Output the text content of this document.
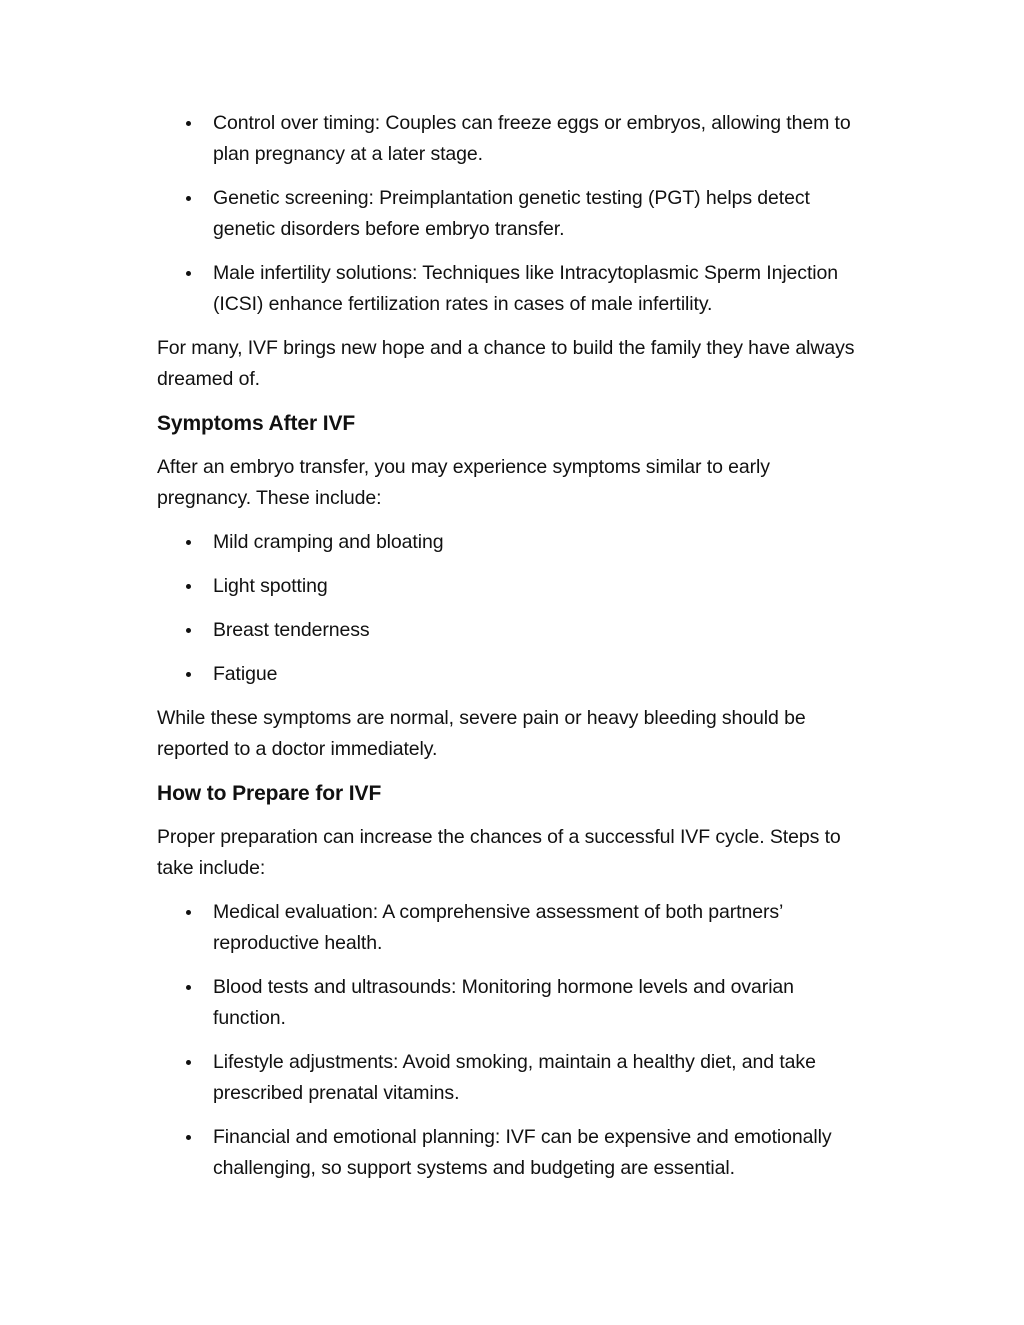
Control over timing: Couples can freeze eggs or embryos, allowing them to plan pregnancy at a later stage.
Genetic screening: Preimplantation genetic testing (PGT) helps detect genetic disorders before embryo transfer.
Male infertility solutions: Techniques like Intracytoplasmic Sperm Injection (ICSI) enhance fertilization rates in cases of male infertility.

For many, IVF brings new hope and a chance to build the family they have always dreamed of.

Symptoms After IVF

After an embryo transfer, you may experience symptoms similar to early pregnancy. These include:

Mild cramping and bloating
Light spotting
Breast tenderness
Fatigue

While these symptoms are normal, severe pain or heavy bleeding should be reported to a doctor immediately.

How to Prepare for IVF

Proper preparation can increase the chances of a successful IVF cycle. Steps to take include:

Medical evaluation: A comprehensive assessment of both partners’ reproductive health.
Blood tests and ultrasounds: Monitoring hormone levels and ovarian function.
Lifestyle adjustments: Avoid smoking, maintain a healthy diet, and take prescribed prenatal vitamins.
Financial and emotional planning: IVF can be expensive and emotionally challenging, so support systems and budgeting are essential.
